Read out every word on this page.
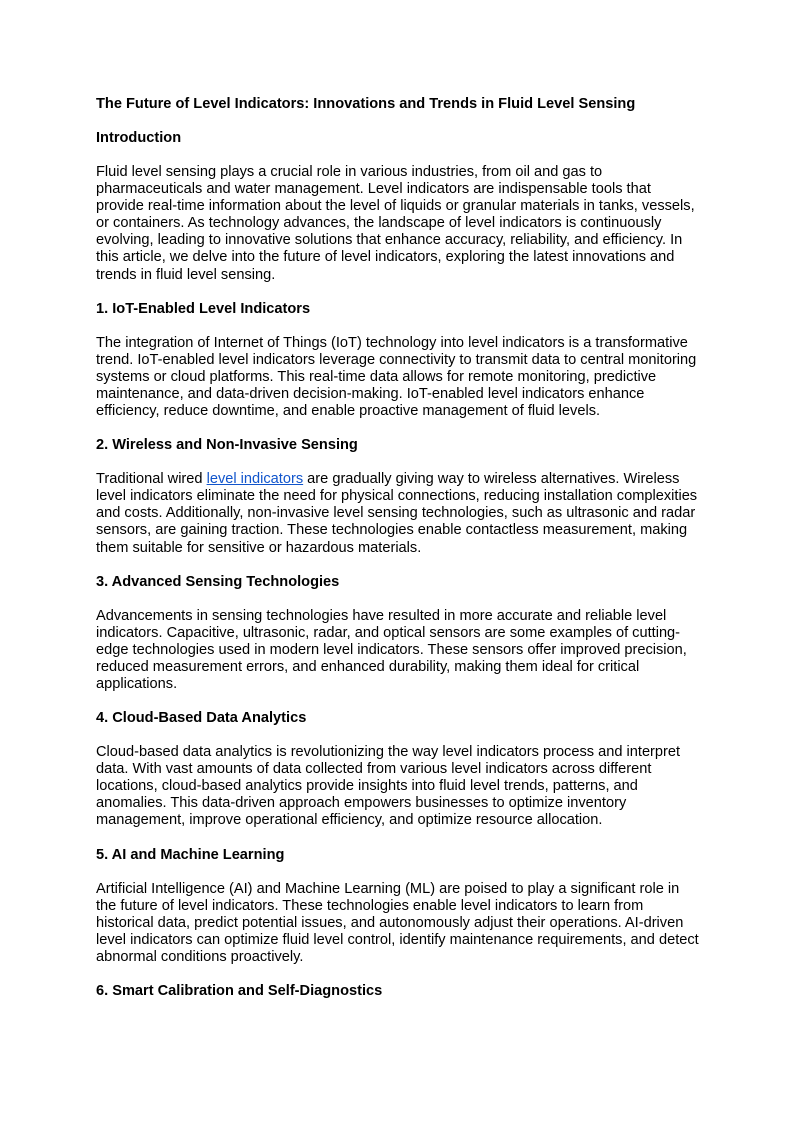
The Future of Level Indicators: Innovations and Trends in Fluid Level Sensing
Introduction

Fluid level sensing plays a crucial role in various industries, from oil and gas to pharmaceuticals and water management. Level indicators are indispensable tools that provide real-time information about the level of liquids or granular materials in tanks, vessels, or containers. As technology advances, the landscape of level indicators is continuously evolving, leading to innovative solutions that enhance accuracy, reliability, and efficiency. In this article, we delve into the future of level indicators, exploring the latest innovations and trends in fluid level sensing.

1. IoT-Enabled Level Indicators

The integration of Internet of Things (IoT) technology into level indicators is a transformative trend. IoT-enabled level indicators leverage connectivity to transmit data to central monitoring systems or cloud platforms. This real-time data allows for remote monitoring, predictive maintenance, and data-driven decision-making. IoT-enabled level indicators enhance efficiency, reduce downtime, and enable proactive management of fluid levels.

2. Wireless and Non-Invasive Sensing

Traditional wired level indicators are gradually giving way to wireless alternatives. Wireless level indicators eliminate the need for physical connections, reducing installation complexities and costs. Additionally, non-invasive level sensing technologies, such as ultrasonic and radar sensors, are gaining traction. These technologies enable contactless measurement, making them suitable for sensitive or hazardous materials.

3. Advanced Sensing Technologies

Advancements in sensing technologies have resulted in more accurate and reliable level indicators. Capacitive, ultrasonic, radar, and optical sensors are some examples of cutting-edge technologies used in modern level indicators. These sensors offer improved precision, reduced measurement errors, and enhanced durability, making them ideal for critical applications.

4. Cloud-Based Data Analytics

Cloud-based data analytics is revolutionizing the way level indicators process and interpret data. With vast amounts of data collected from various level indicators across different locations, cloud-based analytics provide insights into fluid level trends, patterns, and anomalies. This data-driven approach empowers businesses to optimize inventory management, improve operational efficiency, and optimize resource allocation.

5. AI and Machine Learning

Artificial Intelligence (AI) and Machine Learning (ML) are poised to play a significant role in the future of level indicators. These technologies enable level indicators to learn from historical data, predict potential issues, and autonomously adjust their operations. AI-driven level indicators can optimize fluid level control, identify maintenance requirements, and detect abnormal conditions proactively.

6. Smart Calibration and Self-Diagnostics
